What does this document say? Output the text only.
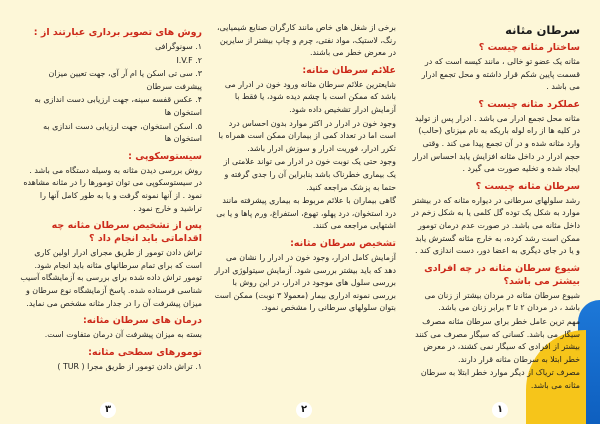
سرطان مثانه
ساختار مثانه چیست ؟
مثانه یک عضو تو خالی ، مانند کیسه است که در قسمت پایین شکم قرار داشته و محل تجمع ادرار می باشد .
عملکرد مثانه چیست ؟
مثانه محل تجمع ادرار می باشد . ادرار پس از تولید در کلیه ها از راه لوله باریکه به نام میزنای (حالب) وارد مثانه شده و در آن تجمع پیدا می کند . وقتی حجم ادرار در داخل مثانه افزایش یابد احساس ادرار ایجاد شده و تخلیه صورت می گیرد .
سرطان مثانه چیست ؟
رشد سلولهای سرطانی در دیواره مثانه که در بیشتر موارد به شکل یک توده گل کلمی یا به شکل زخم در داخل مثانه می باشد. در صورت عدم درمان تومور ممکن است رشد کرده، به خارج مثانه گسترش یابد و یا در جای دیگری به اعضا دور، دست اندازی کند .
شیوع سرطان مثانه در چه افرادی بیشتر می باشد؟
شیوع سرطان مثانه در مردان بیشتر از زنان می باشد ، در مردان ۲ تا ۳ برابر زنان می باشد.
مهم ترین عامل خطر برای سرطان مثانه مصرف سیگار می باشد. کسانی که سیگار مصرف می کنند بیشتر از افرادی که سیگار نمی کشند، در معرض خطر ابتلا به سرطان مثانه قرار دارند.
مصرف تریاک از دیگر موارد خطر ابتلا به سرطان مثانه می باشد.
برخی از شغل های خاص مانند کارگران صنایع شیمیایی، رنگ، لاستیک، مواد نفتی، چرم و چاپ بیشتر از سایرین در معرض خطر می باشند.
علائم سرطان مثانه:
شایعترین علائم سرطان مثانه ورود خون در ادرار می باشد که ممکن است با چشم دیده شود، یا فقط با آزمایش ادرار تشخیص داده شود.
وجود خون در ادرار در اکثر موارد بدون احساس درد است اما در تعداد کمی از بیماران ممکن است همراه با تکرر ادرار، فوریت ادرار و سوزش ادرار باشد.
وجود حتی یک نوبت خون در ادرار می تواند علامتی از یک بیماری خطرناک باشد بنابراین آن را جدی گرفته و حتما به پزشک مراجعه کنید.
گاهی بیماران با علائم مربوط به بیماری پیشرفته مانند درد استخوان، درد پهلو، تهوع، استفراغ، ورم پاها و یا بی اشتهایی مراجعه می کنند.
تشخیص سرطان مثانه:
آزمایش کامل ادرار، وجود خون در ادرار را نشان می دهد که باید بیشتر بررسی شود. آزمایش سیتولوژی ادرار بررسی سلول های موجود در ادرار، در این روش با بررسی نمونه ادراری بیمار (معمولا ۳ نوبت) ممکن است بتوان سلولهای سرطانی را مشخص نمود.
روش های تصویر برداری عبارتند از :
۱. سونوگرافی
۲. I.V.F
۳. سی تی اسکن یا ام آر آی، جهت تعیین میزان پیشرفت سرطان
۴. عکس قفسه سینه، جهت ارزیابی دست اندازی به استخوان ها
۵. اسکن استخوان، جهت ارزیابی دست اندازی به استخوان ها
سیستوسکوپی :
روش بررسی دیدن مثانه به وسیله دستگاه می باشد . در سیستوسکوپی می توان تومورها را در مثانه مشاهده نمود . از آنها نمونه گرفت و یا به طور کامل آنها را تراشید و خارج نمود .
پس از تشخیص سرطان مثانه چه اقداماتی باید انجام داد ؟
تراش دادن تومور از طریق مجرای ادرار اولین کاری است که برای تمام سرطانهای مثانه باید انجام شود. تومور تراش داده شده برای بررسی به آزمایشگاه آسیب شناسی فرستاده شده. پاسخ آزمایشگاه نوع سرطان و میزان پیشرفت آن را در جدار مثانه مشخص می نماید.
درمان های سرطان مثانه:
بسته به میزان پیشرفت آن درمان متفاوت است.
تومورهای سطحی مثانه:
۱. تراش دادن تومور از طریق مجرا ( TUR )
۱
۲
۳
